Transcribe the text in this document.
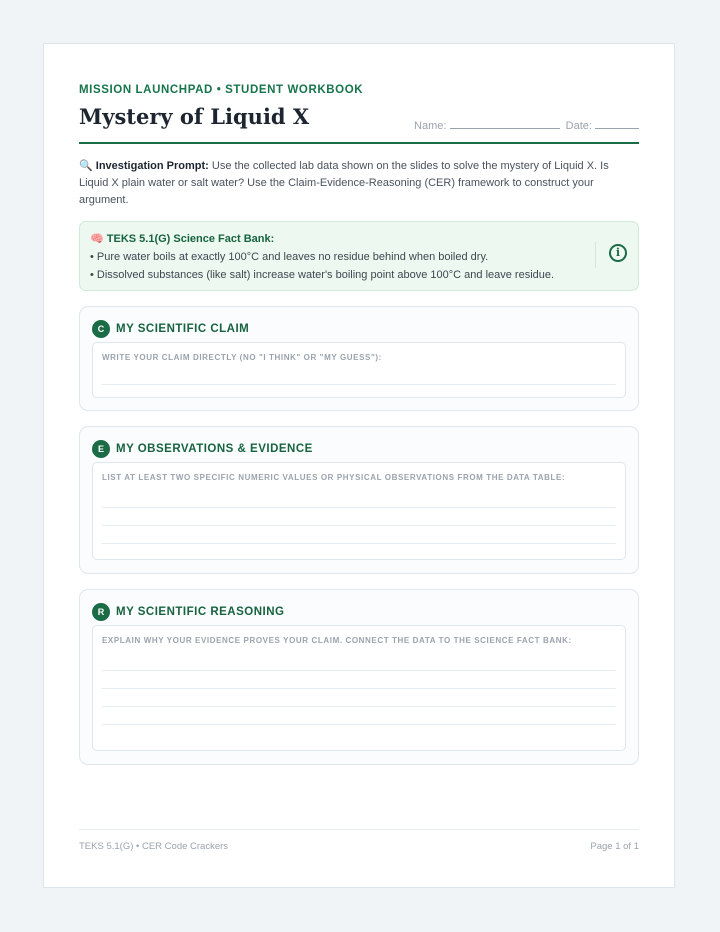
MISSION LAUNCHPAD • STUDENT WORKBOOK
Mystery of Liquid X	Name:	Date:
🔍 Investigation Prompt: Use the collected lab data shown on the slides to solve the mystery of Liquid X. Is Liquid X plain water or salt water? Use the Claim-Evidence-Reasoning (CER) framework to construct your argument.
🧠 TEKS 5.1(G) Science Fact Bank:
• Pure water boils at exactly 100°C and leaves no residue behind when boiled dry.
• Dissolved substances (like salt) increase water's boiling point above 100°C and leave residue.
i
C	MY SCIENTIFIC CLAIM
WRITE YOUR CLAIM DIRECTLY (NO "I THINK" OR "MY GUESS"):
E	MY OBSERVATIONS & EVIDENCE
LIST AT LEAST TWO SPECIFIC NUMERIC VALUES OR PHYSICAL OBSERVATIONS FROM THE DATA TABLE:
R	MY SCIENTIFIC REASONING
EXPLAIN WHY YOUR EVIDENCE PROVES YOUR CLAIM. CONNECT THE DATA TO THE SCIENCE FACT BANK:
TEKS 5.1(G) • CER Code Crackers	Page 1 of 1
